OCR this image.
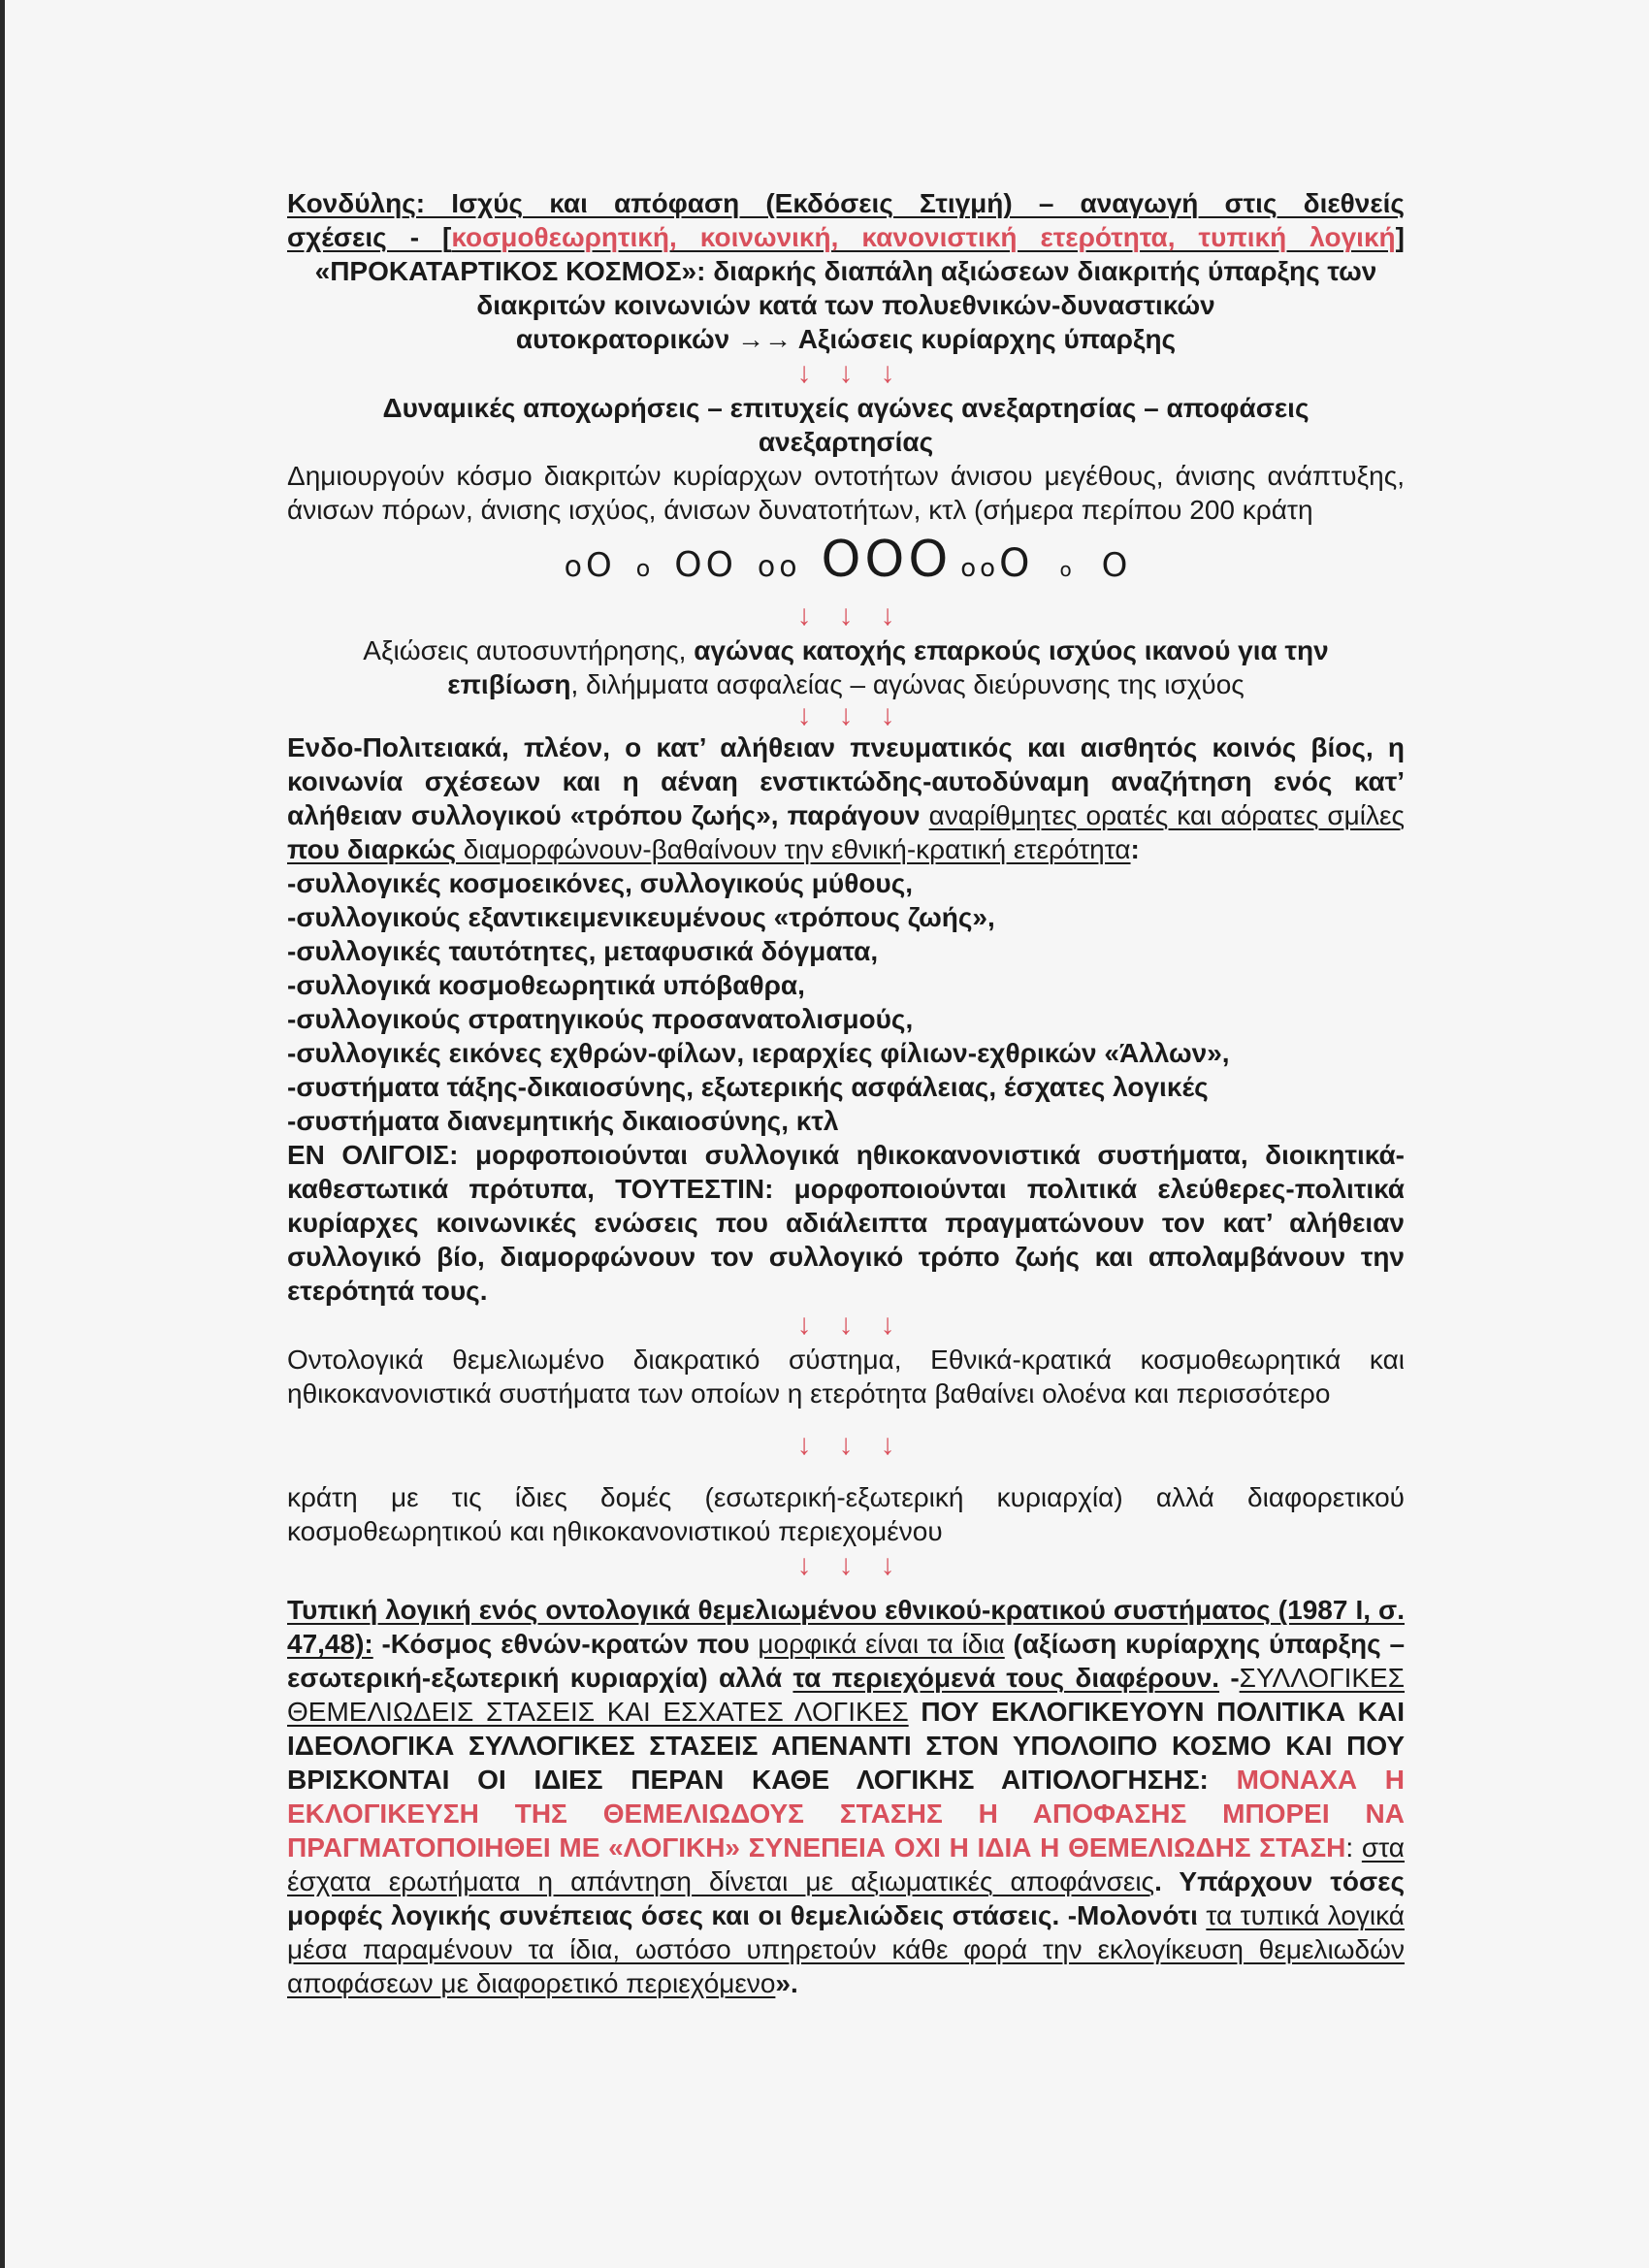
Κονδύλης: Ισχύς και απόφαση (Εκδόσεις Στιγμή) – αναγωγή στις διεθνείς

σχέσεις - [κοσμοθεωρητική, κοινωνική, κανονιστική ετερότητα, τυπική λογική]

«ΠΡΟΚΑΤΑΡΤΙΚΟΣ ΚΟΣΜΟΣ»: διαρκής διαπάλη αξιώσεων διακριτής ύπαρξης των διακριτών κοινωνιών κατά των πολυεθνικών-δυναστικών

αυτοκρατορικών →→ Αξιώσεις κυρίαρχης ύπαρξης

↓ ↓ ↓

Δυναμικές αποχωρήσεις – επιτυχείς αγώνες ανεξαρτησίας – αποφάσεις ανεξαρτησίας

Δημιουργούν κόσμο διακριτών κυρίαρχων οντοτήτων άνισου μεγέθους, άνισης ανάπτυξης, άνισων πόρων, άνισης ισχύος, άνισων δυνατοτήτων, κτλ (σήμερα περίπου 200 κράτη

o O o O O o o OOO o o O o O
↓ ↓ ↓

Αξιώσεις αυτοσυντήρησης, αγώνας κατοχής επαρκούς ισχύος ικανού για την επιβίωση, διλήμματα ασφαλείας – αγώνας διεύρυνσης της ισχύος

↓ ↓ ↓

Ενδο-Πολιτειακά, πλέον, ο κατ’ αλήθειαν πνευματικός και αισθητός κοινός βίος, η κοινωνία σχέσεων και η αέναη ενστικτώδης-αυτοδύναμη αναζήτηση ενός κατ’ αλήθειαν συλλογικού «τρόπου ζωής», παράγουν αναρίθμητες ορατές και αόρατες σμίλες που διαρκώς διαμορφώνουν-βαθαίνουν την εθνική-κρατική ετερότητα:

-συλλογικές κοσμοεικόνες, συλλογικούς μύθους,

-συλλογικούς εξαντικειμενικευμένους «τρόπους ζωής»,

-συλλογικές ταυτότητες, μεταφυσικά δόγματα,

-συλλογικά κοσμοθεωρητικά υπόβαθρα,

-συλλογικούς στρατηγικούς προσανατολισμούς,

-συλλογικές εικόνες εχθρών-φίλων, ιεραρχίες φίλιων-εχθρικών «Άλλων»,

-συστήματα τάξης-δικαιοσύνης, εξωτερικής ασφάλειας, έσχατες λογικές

-συστήματα διανεμητικής δικαιοσύνης, κτλ

ΕΝ ΟΛΙΓΟΙΣ: μορφοποιούνται συλλογικά ηθικοκανονιστικά συστήματα, διοικητικά-καθεστωτικά πρότυπα, ΤΟΥΤΕΣΤΙΝ: μορφοποιούνται πολιτικά ελεύθερες-πολιτικά κυρίαρχες κοινωνικές ενώσεις που αδιάλειπτα πραγματώνουν τον κατ’ αλήθειαν συλλογικό βίο, διαμορφώνουν τον συλλογικό τρόπο ζωής και απολαμβάνουν την ετερότητά τους.

↓ ↓ ↓

Οντολογικά θεμελιωμένο διακρατικό σύστημα, Εθνικά-κρατικά κοσμοθεωρητικά και ηθικοκανονιστικά συστήματα των οποίων η ετερότητα βαθαίνει ολοένα και περισσότερο

↓ ↓ ↓

κράτη με τις ίδιες δομές (εσωτερική-εξωτερική κυριαρχία) αλλά διαφορετικού κοσμοθεωρητικού και ηθικοκανονιστικού περιεχομένου

↓ ↓ ↓

Τυπική λογική ενός οντολογικά θεμελιωμένου εθνικού-κρατικού συστήματος (1987 Ι, σ. 47,48): -Κόσμος εθνών-κρατών που μορφικά είναι τα ίδια (αξίωση κυρίαρχης ύπαρξης – εσωτερική-εξωτερική κυριαρχία) αλλά τα περιεχόμενά τους διαφέρουν. -ΣΥΛΛΟΓΙΚΕΣ ΘΕΜΕΛΙΩΔΕΙΣ ΣΤΑΣΕΙΣ ΚΑΙ ΕΣΧΑΤΕΣ ΛΟΓΙΚΕΣ ΠΟΥ ΕΚΛΟΓΙΚΕΥΟΥΝ ΠΟΛΙΤΙΚΑ ΚΑΙ ΙΔΕΟΛΟΓΙΚΑ ΣΥΛΛΟΓΙΚΕΣ ΣΤΑΣΕΙΣ ΑΠΕΝΑΝΤΙ ΣΤΟΝ ΥΠΟΛΟΙΠΟ ΚΟΣΜΟ ΚΑΙ ΠΟΥ ΒΡΙΣΚΟΝΤΑΙ ΟΙ ΙΔΙΕΣ ΠΕΡΑΝ ΚΑΘΕ ΛΟΓΙΚΗΣ ΑΙΤΙΟΛΟΓΗΣΗΣ: ΜΟΝΑΧΑ Η ΕΚΛΟΓΙΚΕΥΣΗ ΤΗΣ ΘΕΜΕΛΙΩΔΟΥΣ ΣΤΑΣΗΣ Η ΑΠΟΦΑΣΗΣ ΜΠΟΡΕΙ ΝΑ ΠΡΑΓΜΑΤΟΠΟΙΗΘΕΙ ΜΕ «ΛΟΓΙΚΗ» ΣΥΝΕΠΕΙΑ ΟΧΙ Η ΙΔΙΑ Η ΘΕΜΕΛΙΩΔΗΣ ΣΤΑΣΗ: στα έσχατα ερωτήματα η απάντηση δίνεται με αξιωματικές αποφάνσεις. Υπάρχουν τόσες μορφές λογικής συνέπειας όσες και οι θεμελιώδεις στάσεις. -Μολονότι τα τυπικά λογικά μέσα παραμένουν τα ίδια, ωστόσο υπηρετούν κάθε φορά την εκλογίκευση θεμελιωδών αποφάσεων με διαφορετικό περιεχόμενο».
